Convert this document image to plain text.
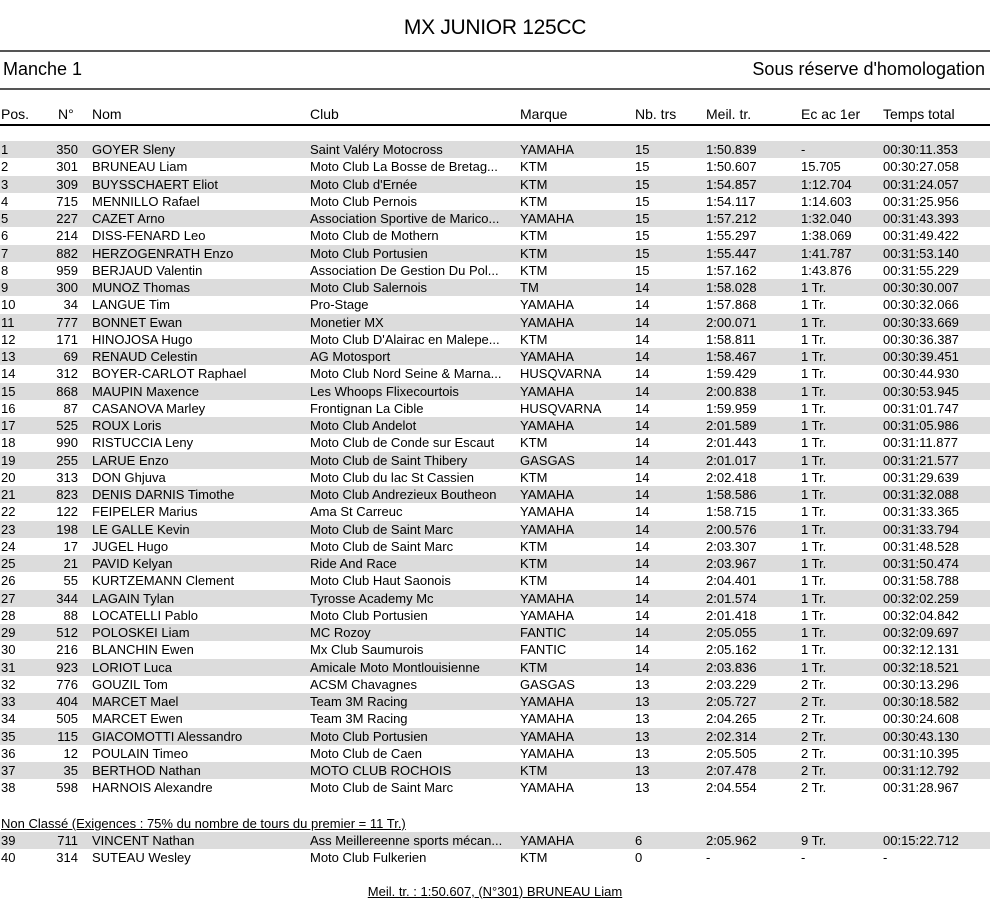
MX JUNIOR 125CC
Manche 1	Sous réserve d'homologation
Pos. N° Nom	Club	Marque	Nb. trs Meil. tr.	Ec ac 1er Temps total
1	350 GOYER Sleny	Saint Valéry Motocross	YAMAHA	15	1:50.839	-	00:30:11.353
2	301 BRUNEAU Liam	Moto Club La Bosse de Bretag...	KTM	15	1:50.607	15.705	00:30:27.058
3	309 BUYSSCHAERT Eliot	Moto Club d'Ernée	KTM	15	1:54.857	1:12.704	00:31:24.057
4	715 MENNILLO Rafael	Moto Club Pernois	KTM	15	1:54.117	1:14.603	00:31:25.956
5	227 CAZET Arno	Association Sportive de Marico...	YAMAHA	15	1:57.212	1:32.040	00:31:43.393
6	214 DISS-FENARD Leo	Moto Club de Mothern	KTM	15	1:55.297	1:38.069	00:31:49.422
7	882 HERZOGENRATH Enzo	Moto Club Portusien	KTM	15	1:55.447	1:41.787	00:31:53.140
8	959 BERJAUD Valentin	Association De Gestion Du Pol...	KTM	15	1:57.162	1:43.876	00:31:55.229
9	300 MUNOZ Thomas	Moto Club Salernois	TM	14	1:58.028	1 Tr.	00:30:30.007
10	34 LANGUE Tim	Pro-Stage	YAMAHA	14	1:57.868	1 Tr.	00:30:32.066
11	777 BONNET Ewan	Monetier MX	YAMAHA	14	2:00.071	1 Tr.	00:30:33.669
12	171 HINOJOSA Hugo	Moto Club D'Alairac en Malepe...	KTM	14	1:58.811	1 Tr.	00:30:36.387
13	69 RENAUD Celestin	AG Motosport	YAMAHA	14	1:58.467	1 Tr.	00:30:39.451
14	312 BOYER-CARLOT Raphael	Moto Club Nord Seine & Marna...	HUSQVARNA	14	1:59.429	1 Tr.	00:30:44.930
15	868 MAUPIN Maxence	Les Whoops Flixecourtois	YAMAHA	14	2:00.838	1 Tr.	00:30:53.945
16	87 CASANOVA Marley	Frontignan La Cible	HUSQVARNA	14	1:59.959	1 Tr.	00:31:01.747
17	525 ROUX Loris	Moto Club Andelot	YAMAHA	14	2:01.589	1 Tr.	00:31:05.986
18	990 RISTUCCIA Leny	Moto Club de Conde sur Escaut	KTM	14	2:01.443	1 Tr.	00:31:11.877
19	255 LARUE Enzo	Moto Club de Saint Thibery	GASGAS	14	2:01.017	1 Tr.	00:31:21.577
20	313 DON Ghjuva	Moto Club du lac St Cassien	KTM	14	2:02.418	1 Tr.	00:31:29.639
21	823 DENIS DARNIS Timothe	Moto Club Andrezieux Boutheon	YAMAHA	14	1:58.586	1 Tr.	00:31:32.088
22	122 FEIPELER Marius	Ama St Carreuc	YAMAHA	14	1:58.715	1 Tr.	00:31:33.365
23	198 LE GALLE Kevin	Moto Club de Saint Marc	YAMAHA	14	2:00.576	1 Tr.	00:31:33.794
24	17 JUGEL Hugo	Moto Club de Saint Marc	KTM	14	2:03.307	1 Tr.	00:31:48.528
25	21 PAVID Kelyan	Ride And Race	KTM	14	2:03.967	1 Tr.	00:31:50.474
26	55 KURTZEMANN Clement	Moto Club Haut Saonois	KTM	14	2:04.401	1 Tr.	00:31:58.788
27	344 LAGAIN Tylan	Tyrosse Academy Mc	YAMAHA	14	2:01.574	1 Tr.	00:32:02.259
28	88 LOCATELLI Pablo	Moto Club Portusien	YAMAHA	14	2:01.418	1 Tr.	00:32:04.842
29	512 POLOSKEI Liam	MC Rozoy	FANTIC	14	2:05.055	1 Tr.	00:32:09.697
30	216 BLANCHIN Ewen	Mx Club Saumurois	FANTIC	14	2:05.162	1 Tr.	00:32:12.131
31	923 LORIOT Luca	Amicale Moto Montlouisienne	KTM	14	2:03.836	1 Tr.	00:32:18.521
32	776 GOUZIL Tom	ACSM Chavagnes	GASGAS	13	2:03.229	2 Tr.	00:30:13.296
33	404 MARCET Mael	Team 3M Racing	YAMAHA	13	2:05.727	2 Tr.	00:30:18.582
34	505 MARCET Ewen	Team 3M Racing	YAMAHA	13	2:04.265	2 Tr.	00:30:24.608
35	115 GIACOMOTTI Alessandro	Moto Club Portusien	YAMAHA	13	2:02.314	2 Tr.	00:30:43.130
36	12 POULAIN Timeo	Moto Club de Caen	YAMAHA	13	2:05.505	2 Tr.	00:31:10.395
37	35 BERTHOD Nathan	MOTO CLUB ROCHOIS	KTM	13	2:07.478	2 Tr.	00:31:12.792
38	598 HARNOIS Alexandre	Moto Club de Saint Marc	YAMAHA	13	2:04.554	2 Tr.	00:31:28.967
Non Classé (Exigences : 75% du nombre de tours du premier = 11 Tr.)
39	711 VINCENT Nathan	Ass Meillereenne sports mécan...	YAMAHA	6	2:05.962	9 Tr.	00:15:22.712
40	314 SUTEAU Wesley	Moto Club Fulkerien	KTM	0	-	-	-
Meil. tr. : 1:50.607, (N°301) BRUNEAU Liam
